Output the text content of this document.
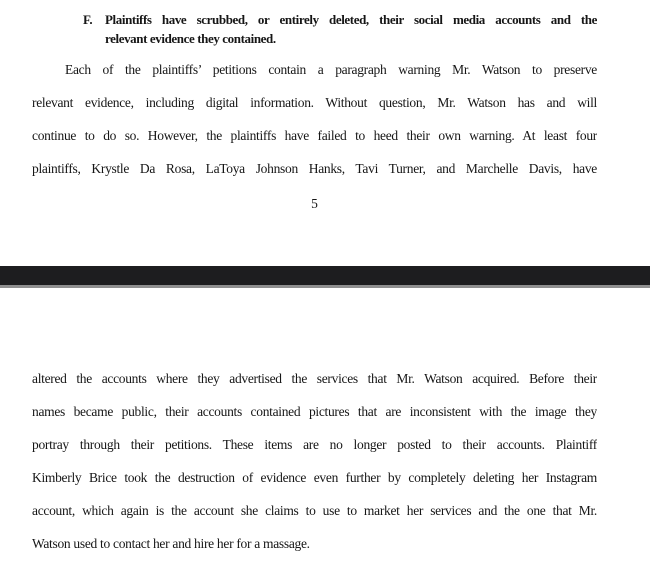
F. Plaintiffs have scrubbed, or entirely deleted, their social media accounts and the
relevant evidence they contained.
Each of the plaintiffs’ petitions contain a paragraph warning Mr. Watson to preserve
relevant evidence, including digital information. Without question, Mr. Watson has and will
continue to do so. However, the plaintiffs have failed to heed their own warning. At least four
plaintiffs, Krystle Da Rosa, LaToya Johnson Hanks, Tavi Turner, and Marchelle Davis, have
5
altered the accounts where they advertised the services that Mr. Watson acquired. Before their
names became public, their accounts contained pictures that are inconsistent with the image they
portray through their petitions. These items are no longer posted to their accounts. Plaintiff
Kimberly Brice took the destruction of evidence even further by completely deleting her Instagram
account, which again is the account she claims to use to market her services and the one that Mr.
Watson used to contact her and hire her for a massage.
